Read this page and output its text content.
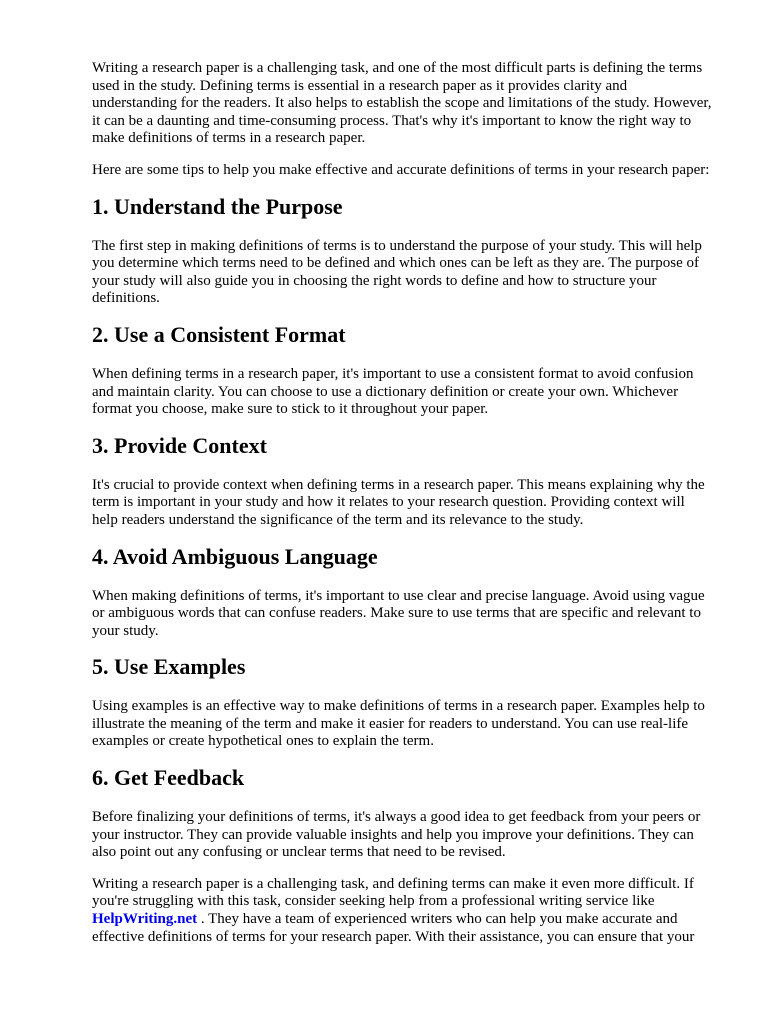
Writing a research paper is a challenging task, and one of the most difficult parts is defining the terms used in the study. Defining terms is essential in a research paper as it provides clarity and understanding for the readers. It also helps to establish the scope and limitations of the study. However, it can be a daunting and time-consuming process. That's why it's important to know the right way to make definitions of terms in a research paper.

Here are some tips to help you make effective and accurate definitions of terms in your research paper:

1. Understand the Purpose

The first step in making definitions of terms is to understand the purpose of your study. This will help you determine which terms need to be defined and which ones can be left as they are. The purpose of your study will also guide you in choosing the right words to define and how to structure your definitions.

2. Use a Consistent Format

When defining terms in a research paper, it's important to use a consistent format to avoid confusion and maintain clarity. You can choose to use a dictionary definition or create your own. Whichever format you choose, make sure to stick to it throughout your paper.

3. Provide Context

It's crucial to provide context when defining terms in a research paper. This means explaining why the term is important in your study and how it relates to your research question. Providing context will help readers understand the significance of the term and its relevance to the study.

4. Avoid Ambiguous Language

When making definitions of terms, it's important to use clear and precise language. Avoid using vague or ambiguous words that can confuse readers. Make sure to use terms that are specific and relevant to your study.

5. Use Examples

Using examples is an effective way to make definitions of terms in a research paper. Examples help to illustrate the meaning of the term and make it easier for readers to understand. You can use real-life examples or create hypothetical ones to explain the term.

6. Get Feedback

Before finalizing your definitions of terms, it's always a good idea to get feedback from your peers or your instructor. They can provide valuable insights and help you improve your definitions. They can also point out any confusing or unclear terms that need to be revised.

Writing a research paper is a challenging task, and defining terms can make it even more difficult. If you're struggling with this task, consider seeking help from a professional writing service like HelpWriting.net . They have a team of experienced writers who can help you make accurate and effective definitions of terms for your research paper. With their assistance, you can ensure that your
